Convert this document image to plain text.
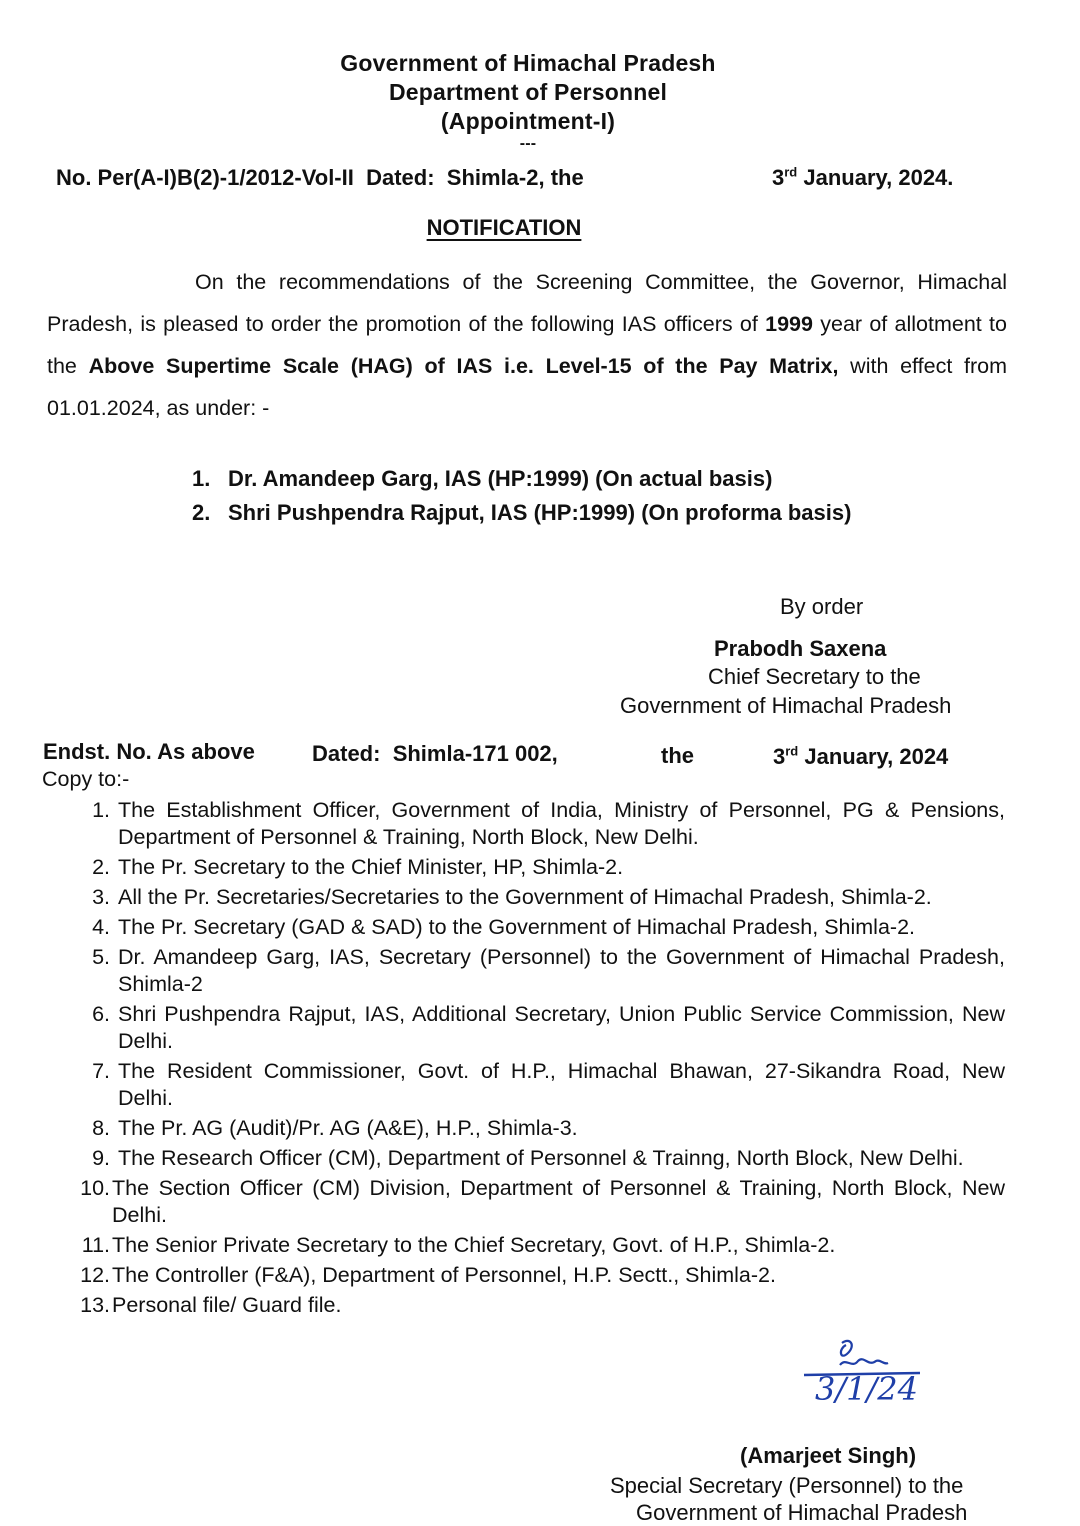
Government of Himachal Pradesh
Department of Personnel
(Appointment-I)
---
No. Per(A-I)B(2)-1/2012-Vol-II Dated: Shimla-2, the	3rd January, 2024.
NOTIFICATION
On the recommendations of the Screening Committee, the Governor, Himachal Pradesh, is pleased to order the promotion of the following IAS officers of 1999 year of allotment to the Above Supertime Scale (HAG) of IAS i.e. Level-15 of the Pay Matrix, with effect from 01.01.2024, as under: -
1. Dr. Amandeep Garg, IAS (HP:1999) (On actual basis)
2. Shri Pushpendra Rajput, IAS (HP:1999) (On proforma basis)
By order
Prabodh Saxena
Chief Secretary to the
Government of Himachal Pradesh
Endst. No. As above	Dated: Shimla-171 002,	the	3rd January, 2024
Copy to:-
1. The Establishment Officer, Government of India, Ministry of Personnel, PG & Pensions, Department of Personnel & Training, North Block, New Delhi.
2. The Pr. Secretary to the Chief Minister, HP, Shimla-2.
3. All the Pr. Secretaries/Secretaries to the Government of Himachal Pradesh, Shimla-2.
4. The Pr. Secretary (GAD & SAD) to the Government of Himachal Pradesh, Shimla-2.
5. Dr. Amandeep Garg, IAS, Secretary (Personnel) to the Government of Himachal Pradesh, Shimla-2
6. Shri Pushpendra Rajput, IAS, Additional Secretary, Union Public Service Commission, New Delhi.
7. The Resident Commissioner, Govt. of H.P., Himachal Bhawan, 27-Sikandra Road, New Delhi.
8. The Pr. AG (Audit)/Pr. AG (A&E), H.P., Shimla-3.
9. The Research Officer (CM), Department of Personnel & Trainng, North Block, New Delhi.
10. The Section Officer (CM) Division, Department of Personnel & Training, North Block, New Delhi.
11. The Senior Private Secretary to the Chief Secretary, Govt. of H.P., Shimla-2.
12. The Controller (F&A), Department of Personnel, H.P. Sectt., Shimla-2.
13. Personal file/ Guard file.
3/1/24
(Amarjeet Singh)
Special Secretary (Personnel) to the
Government of Himachal Pradesh
